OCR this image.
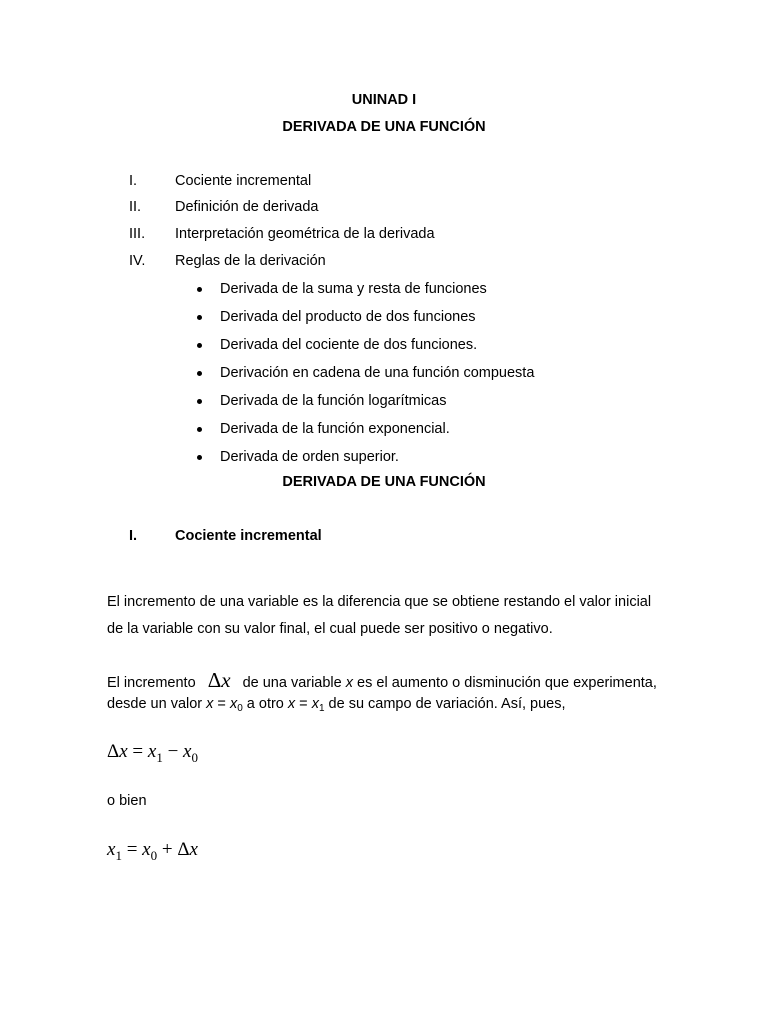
UNINAD I
DERIVADA DE UNA FUNCIÓN
I.	Cociente incremental
II. Definición de derivada
III. Interpretación geométrica de la derivada
IV. Reglas de la derivación
Derivada de la suma y resta de funciones
Derivada del producto de dos funciones
Derivada del cociente de dos funciones.
Derivación en cadena de una función compuesta
Derivada de la función logarítmicas
Derivada de la función exponencial.
Derivada de orden superior.
DERIVADA DE UNA FUNCIÓN
I.	Cociente incremental
El incremento de una variable es la diferencia que se obtiene restando el valor inicial
de la variable con su valor final, el cual puede ser positivo o negativo.
El incremento Δx de una variable x es el aumento o disminución que experimenta,
desde un valor $x = x_0$ a otro $x = x_1$ de su campo de variación. Así, pues,
$\Delta x = x_1 - x_0$
o bien
$x_1 = x_0 + \Delta x$
